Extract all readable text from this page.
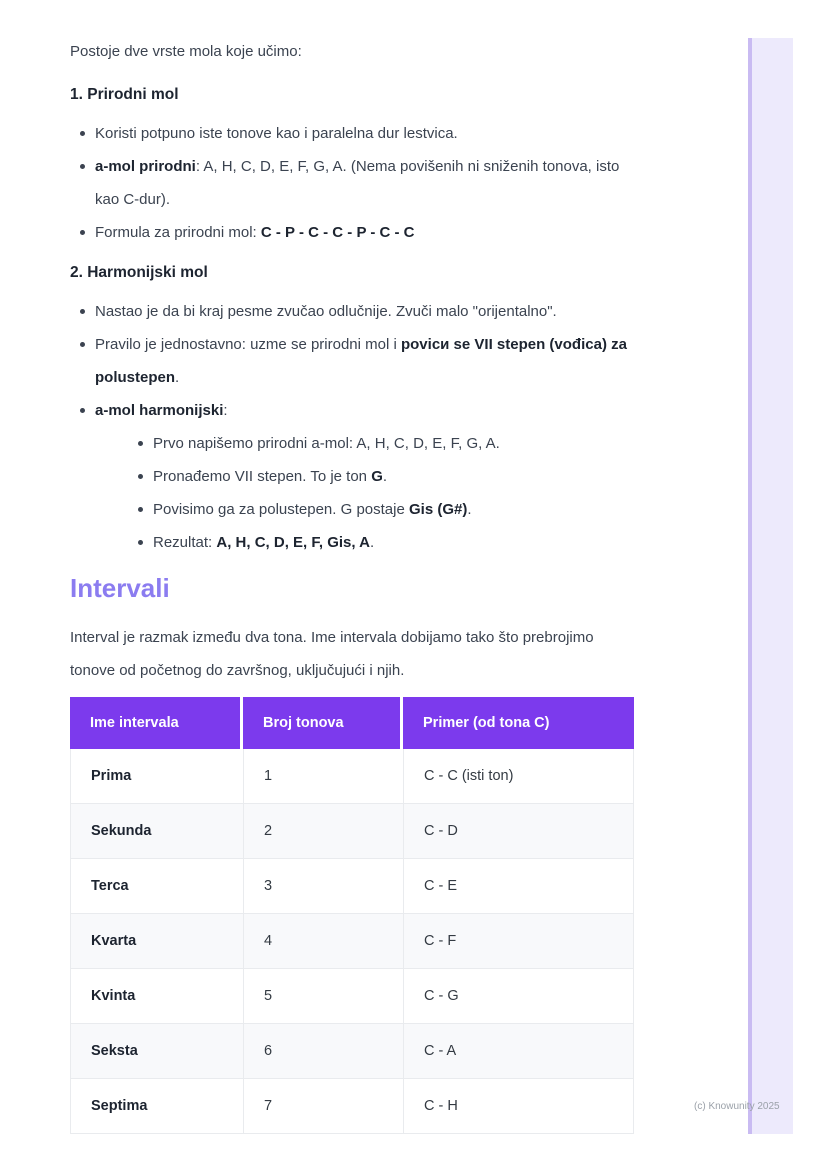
Postoje dve vrste mola koje učimo:

1. Prirodni mol
Koristi potpuno iste tonove kao i paralelna dur lestvica.
a-mol prirodni: A, H, C, D, E, F, G, A. (Nema povišenih ni sniženih tonova, isto kao C-dur).
Formula za prirodni mol: C - P - C - C - P - C - C
2. Harmonijski mol
Nastao je da bi kraj pesme zvučao odlučnije. Zvuči malo "orijentalno".
Pravilo je jednostavno: uzme se prirodni mol i povicи se VII stepen (vođica) za polustepen.
a-mol harmonijski:
Prvo napišemo prirodni a-mol: A, H, C, D, E, F, G, A.
Pronađemo VII stepen. To je ton G.
Povisimo ga za polustepen. G postaje Gis (G#).
Rezultat: A, H, C, D, E, F, Gis, A.
Intervali

Interval je razmak između dva tona. Ime intervala dobijamo tako što prebrojimo tonove od početnog do završnog, uključujući i njih.

Ime intervala	Broj tonova	Primer (od tona C)
Prima	1	C - C (isti ton)
Sekunda	2	C - D
Terca	3	C - E
Kvarta	4	C - F
Kvinta	5	C - G
Seksta	6	C - A
Septima	7	C - H	(c) Knowunity 2025
